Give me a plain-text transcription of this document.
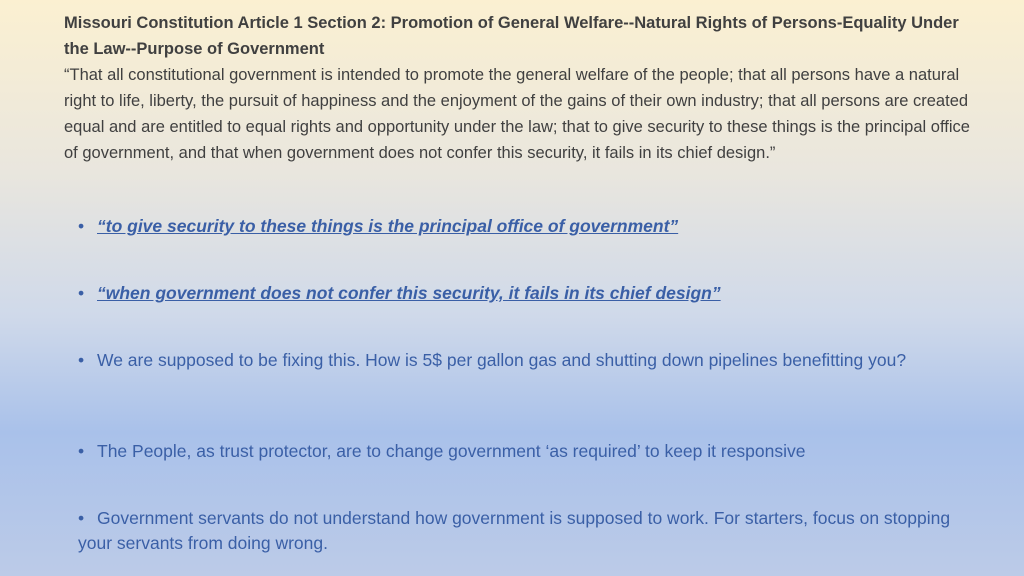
Missouri Constitution Article 1 Section 2: Promotion of General Welfare--Natural Rights of Persons-Equality Under the Law--Purpose of Government
“That all constitutional government is intended to promote the general welfare of the people; that all persons have a natural right to life, liberty, the pursuit of happiness and the enjoyment of the gains of their own industry; that all persons are created equal and are entitled to equal rights and opportunity under the law; that to give security to these things is the principal office of government, and that when government does not confer this security, it fails in its chief design.”
• “to give security to these things is the principal office of government”
• “when government does not confer this security, it fails in its chief design”
• We are supposed to be fixing this. How is 5$ per gallon gas and shutting down pipelines benefitting you?
• The People, as trust protector, are to change government ‘as required’ to keep it responsive
• Government servants do not understand how government is supposed to work. For starters, focus on stopping your servants from doing wrong.
